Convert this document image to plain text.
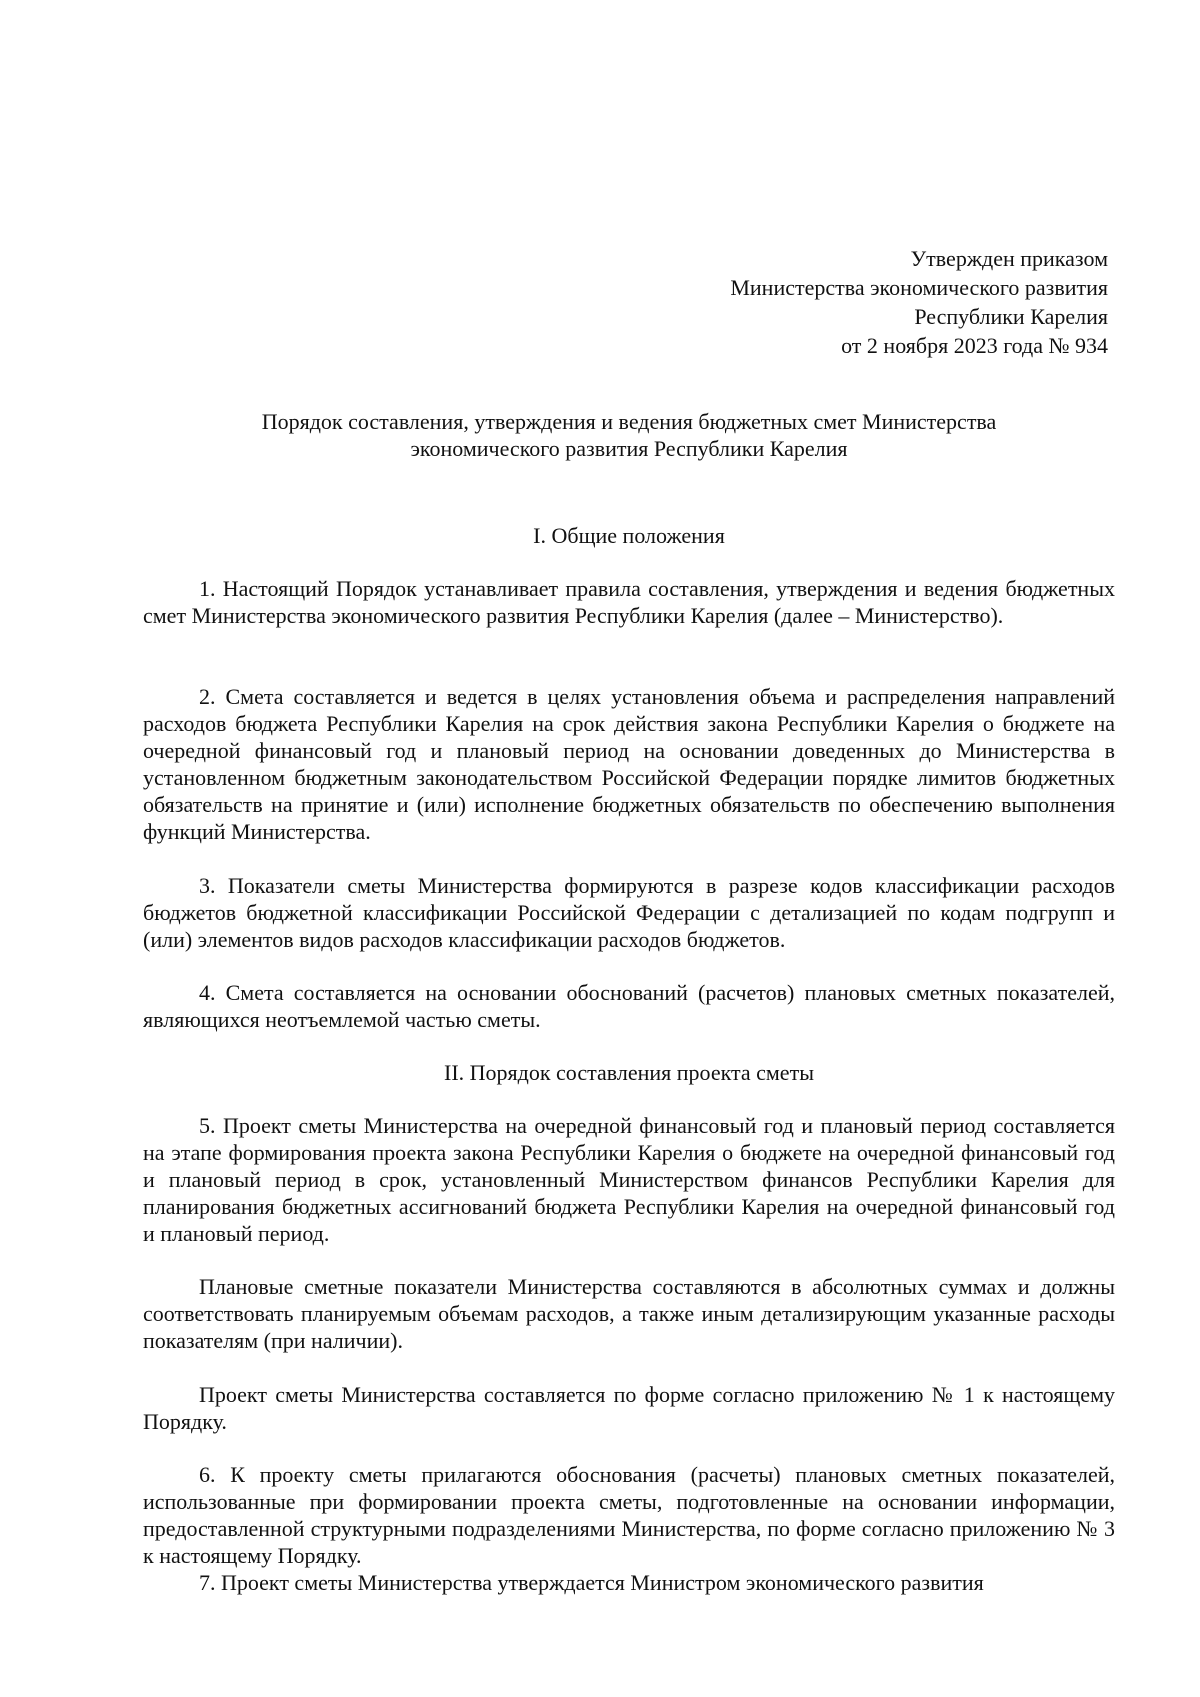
Утвержден приказом
Министерства экономического развития
Республики Карелия
от 2 ноября 2023 года № 934
Порядок составления, утверждения и ведения бюджетных смет Министерства
экономического развития Республики Карелия
I. Общие положения

1. Настоящий Порядок устанавливает правила составления, утверждения и ведения бюджетных смет Министерства экономического развития Республики Карелия (далее – Министерство).

2. Смета составляется и ведется в целях установления объема и распределения направлений расходов бюджета Республики Карелия на срок действия закона Республики Карелия о бюджете на очередной финансовый год и плановый период на основании доведенных до Министерства в установленном бюджетным законодательством Российской Федерации порядке лимитов бюджетных обязательств на принятие и (или) исполнение бюджетных обязательств по обеспечению выполнения функций Министерства.

3. Показатели сметы Министерства формируются в разрезе кодов классификации расходов бюджетов бюджетной классификации Российской Федерации с детализацией по кодам подгрупп и (или) элементов видов расходов классификации расходов бюджетов.

4. Смета составляется на основании обоснований (расчетов) плановых сметных показателей, являющихся неотъемлемой частью сметы.

II. Порядок составления проекта сметы

5. Проект сметы Министерства на очередной финансовый год и плановый период составляется на этапе формирования проекта закона Республики Карелия о бюджете на очередной финансовый год и плановый период в срок, установленный Министерством финансов Республики Карелия для планирования бюджетных ассигнований бюджета Республики Карелия на очередной финансовый год и плановый период.

Плановые сметные показатели Министерства составляются в абсолютных суммах и должны соответствовать планируемым объемам расходов, а также иным детализирующим указанные расходы показателям (при наличии).

Проект сметы Министерства составляется по форме согласно приложению № 1 к настоящему Порядку.

6. К проекту сметы прилагаются обоснования (расчеты) плановых сметных показателей, использованные при формировании проекта сметы, подготовленные на основании информации, предоставленной структурными подразделениями Министерства, по форме согласно приложению № 3 к настоящему Порядку.

7. Проект сметы Министерства утверждается Министром экономического развития
